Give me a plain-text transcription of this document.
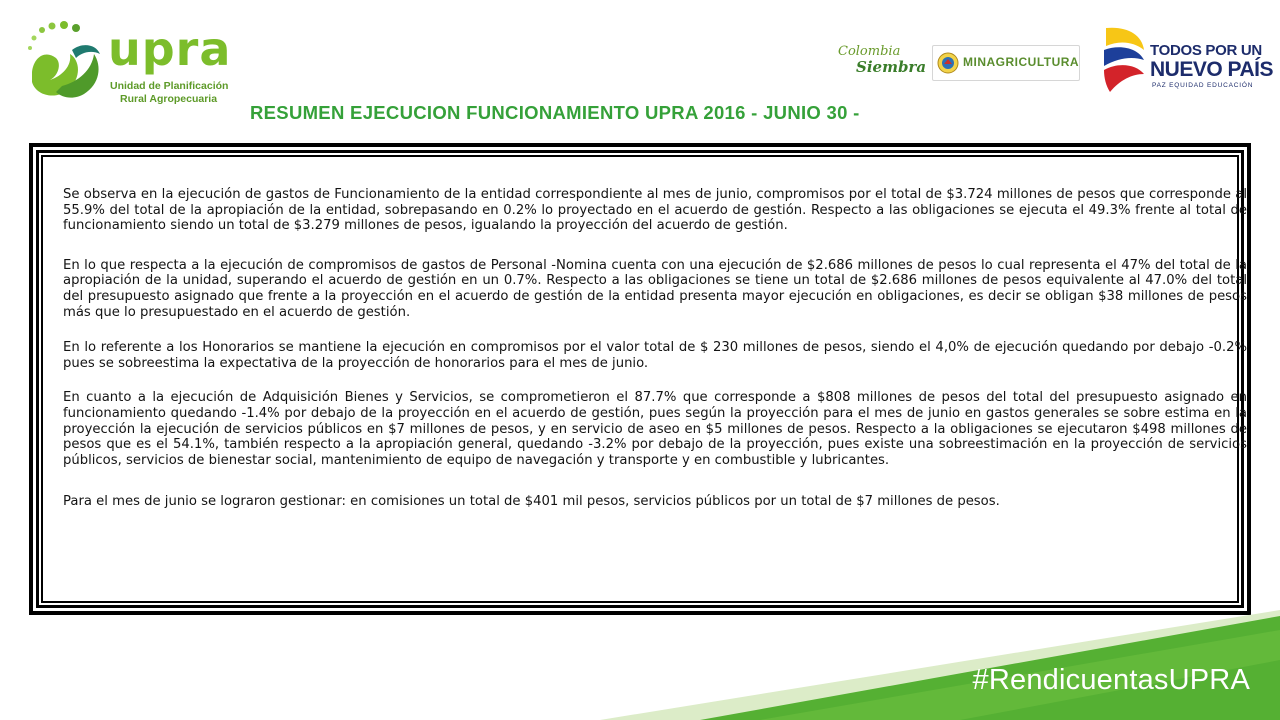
upra
Unidad de Planificación
Rural Agropecuaria
Colombia
Siembra	MINAGRICULTURA
TODOS POR UN
NUEVO PAÍS
PAZ EQUIDAD EDUCACIÓN
RESUMEN EJECUCION FUNCIONAMIENTO UPRA 2016 - JUNIO 30 -

Se observa en la ejecución de gastos de Funcionamiento de la entidad correspondiente al mes de junio, compromisos por el total de $3.724 millones de pesos que corresponde al 55.9% del total de la apropiación de la entidad, sobrepasando en 0.2% lo proyectado en el acuerdo de gestión. Respecto a las obligaciones se ejecuta el 49.3% frente al total de funcionamiento siendo un total de $3.279 millones de pesos, igualando la proyección del acuerdo de gestión.

En lo que respecta a la ejecución de compromisos de gastos de Personal -Nomina cuenta con una ejecución de $2.686 millones de pesos lo cual representa el 47% del total de la apropiación de la unidad, superando el acuerdo de gestión en un 0.7%. Respecto a las obligaciones se tiene un total de $2.686 millones de pesos equivalente al 47.0% del total del presupuesto asignado que frente a la proyección en el acuerdo de gestión de la entidad presenta mayor ejecución en obligaciones, es decir se obligan $38 millones de pesos más que lo presupuestado en el acuerdo de gestión.

En lo referente a los Honorarios se mantiene la ejecución en compromisos por el valor total de $ 230 millones de pesos, siendo el 4,0% de ejecución quedando por debajo -0.2% pues se sobreestima la expectativa de la proyección de honorarios para el mes de junio.

En cuanto a la ejecución de Adquisición Bienes y Servicios, se comprometieron el 87.7% que corresponde a $808 millones de pesos del total del presupuesto asignado en funcionamiento quedando -1.4% por debajo de la proyección en el acuerdo de gestión, pues según la proyección para el mes de junio en gastos generales se sobre estima en la proyección la ejecución de servicios públicos en $7 millones de pesos, y en servicio de aseo en $5 millones de pesos. Respecto a la obligaciones se ejecutaron $498 millones de pesos que es el 54.1%, también respecto a la apropiación general, quedando -3.2% por debajo de la proyección, pues existe una sobreestimación en la proyección de servicios públicos, servicios de bienestar social, mantenimiento de equipo de navegación y transporte y en combustible y lubricantes.

Para el mes de junio se lograron gestionar: en comisiones un total de $401 mil pesos, servicios públicos por un total de $7 millones de pesos.

#RendicuentasUPRA
